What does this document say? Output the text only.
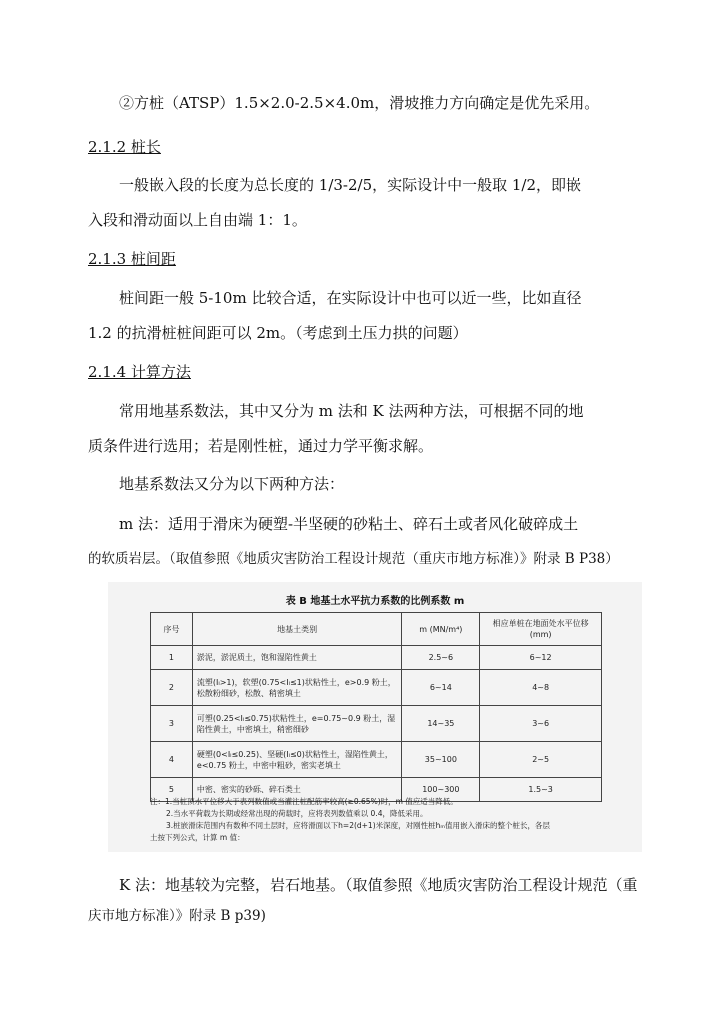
②方桩（ATSP）1.5×2.0-2.5×4.0m，滑坡推力方向确定是优先采用。
2.1.2 桩长
一般嵌入段的长度为总长度的 1/3-2/5，实际设计中一般取 1/2，即嵌
入段和滑动面以上自由端 1：1。
2.1.3 桩间距
桩间距一般 5-10m 比较合适，在实际设计中也可以近一些，比如直径
1.2 的抗滑桩桩间距可以 2m。（考虑到土压力拱的问题）
2.1.4 计算方法
常用地基系数法，其中又分为 m 法和 K 法两种方法，可根据不同的地
质条件进行选用；若是刚性桩，通过力学平衡求解。
地基系数法又分为以下两种方法：
m 法：适用于滑床为硬塑-半坚硬的砂粘土、碎石土或者风化破碎成土
的软质岩层。（取值参照《地质灾害防治工程设计规范（重庆市地方标准）》附录 B P38）
表 B 地基土水平抗力系数的比例系数 m
序号	地基土类别	m (MN/m⁴)	相应单桩在地面处水平位移(mm)
1	淤泥，淤泥质土，饱和湿陷性黄土	2.5~6	6~12
2	流塑(Iₗ>1)，软塑(0.75<Iₗ≤1)状粘性土，e>0.9 粉土，松散粉细砂，松散、稍密填土	6~14	4~8
3	可塑(0.25<Iₗ≤0.75)状粘性土，e=0.75~0.9 粉土，湿陷性黄土，中密填土，稍密细砂	14~35	3~6
4	硬塑(0<Iₗ≤0.25)、坚硬(Iₗ≤0)状粘性土，湿陷性黄土，e<0.75 粉土，中密中粗砂，密实老填土	35~100	2~5
5	中密、密实的砂砾、碎石类土	100~300	1.5~3
注：1.当桩顶水平位移大于表列数值或当灌注桩配筋率较高(≥0.65%)时，m 值应适当降低。
2.当水平荷载为长期或经常出现的荷载时，应将表列数值乘以 0.4，降低采用。
3.桩嵌滑床范围内有数种不同土层时，应将滑面以下h=2(d+1)米深度，对刚性桩hₘ值用嵌入滑床的整个桩长，各层
土按下列公式，计算 m 值：
K 法：地基较为完整，岩石地基。（取值参照《地质灾害防治工程设计规范（重
庆市地方标准）》附录 B p39)
